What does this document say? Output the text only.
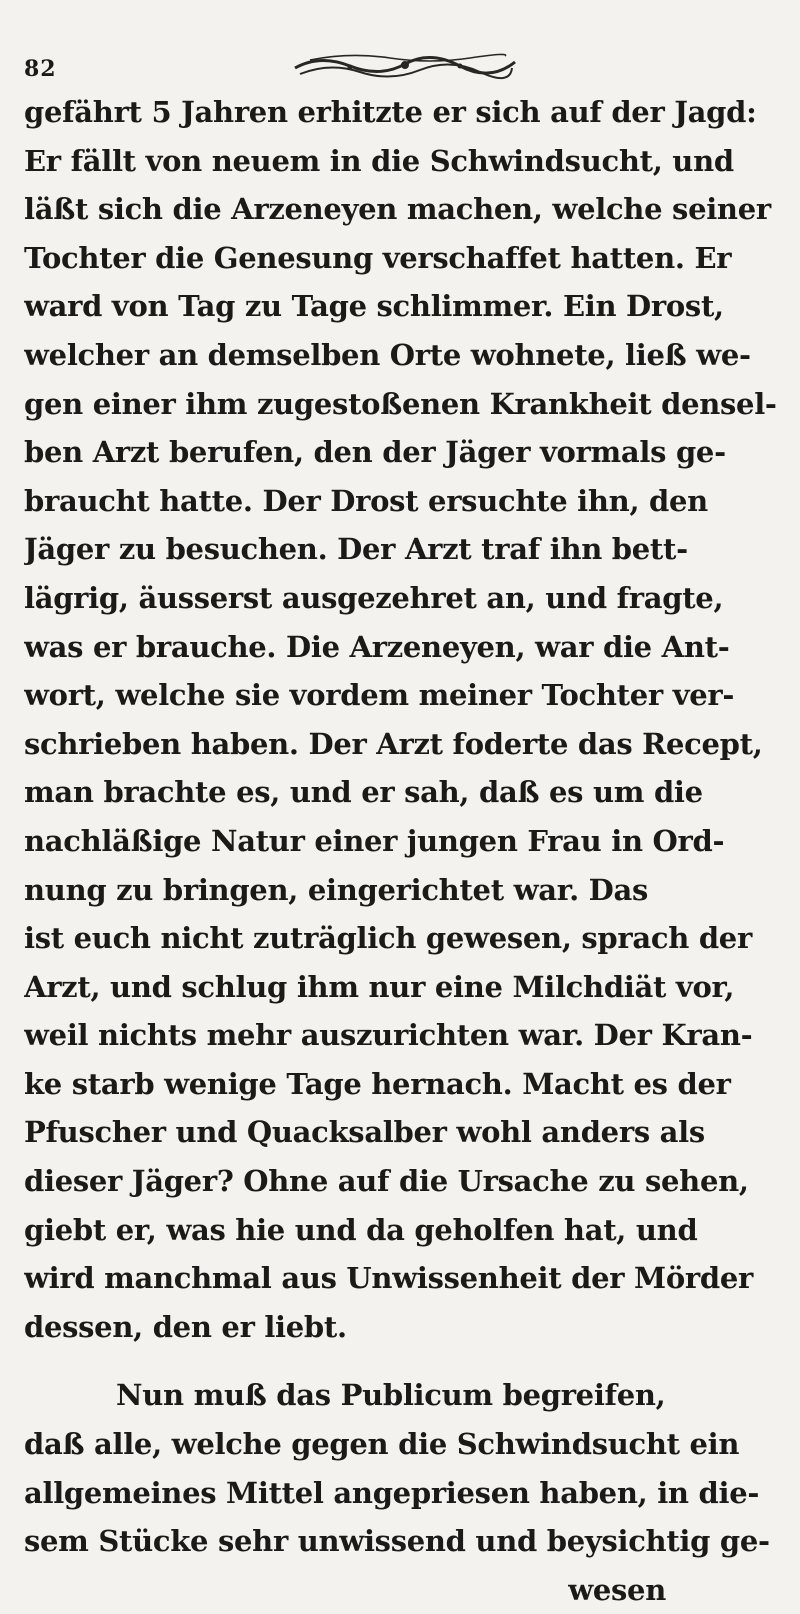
82
gefährt 5 Jahren erhitzte er sich auf der Jagd:
Er fällt von neuem in die Schwindsucht, und
läßt sich die Arzeneyen machen, welche seiner
Tochter die Genesung verschaffet hatten. Er
ward von Tag zu Tage schlimmer. Ein Drost,
welcher an demselben Orte wohnete, ließ we-
gen einer ihm zugestoßenen Krankheit densel-
ben Arzt berufen, den der Jäger vormals ge-
braucht hatte. Der Drost ersuchte ihn, den
Jäger zu besuchen. Der Arzt traf ihn bett-
lägrig, äusserst ausgezehret an, und fragte,
was er brauche. Die Arzeneyen, war die Ant-
wort, welche sie vordem meiner Tochter ver-
schrieben haben. Der Arzt foderte das Recept,
man brachte es, und er sah, daß es um die
nachläßige Natur einer jungen Frau in Ord-
nung zu bringen, eingerichtet war. Das
ist euch nicht zuträglich gewesen, sprach der
Arzt, und schlug ihm nur eine Milchdiät vor,
weil nichts mehr auszurichten war. Der Kran-
ke starb wenige Tage hernach. Macht es der
Pfuscher und Quacksalber wohl anders als
dieser Jäger? Ohne auf die Ursache zu sehen,
giebt er, was hie und da geholfen hat, und
wird manchmal aus Unwissenheit der Mörder
dessen, den er liebt.
Nun muß das Publicum begreifen,
daß alle, welche gegen die Schwindsucht ein
allgemeines Mittel angepriesen haben, in die-
sem Stücke sehr unwissend und beysichtig ge-
wesen
